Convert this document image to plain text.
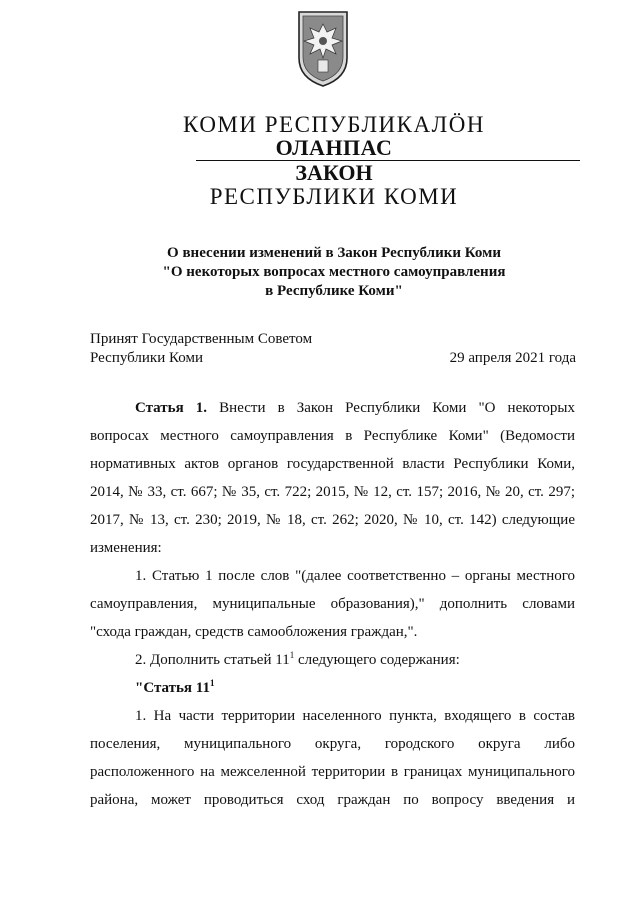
КОМИ РЕСПУБЛИКАЛӦН
ОЛАНПАС
ЗАКОН
РЕСПУБЛИКИ КОМИ
О внесении изменений в Закон Республики Коми
"О некоторых вопросах местного самоуправления
в Республике Коми"
Принят Государственным Советом
Республики Коми	29 апреля 2021 года
Статья 1. Внести в Закон Республики Коми "О некоторых
вопросах местного самоуправления в Республике Коми" (Ведомости
нормативных актов органов государственной власти Республики Коми,
2014, № 33, ст. 667; № 35, ст. 722; 2015, № 12, ст. 157; 2016, № 20, ст. 297;
2017, № 13, ст. 230; 2019, № 18, ст. 262; 2020, № 10, ст. 142) следующие
изменения:
1. Статью 1 после слов "(далее соответственно – органы местного
самоуправления, муниципальные образования)," дополнить словами
"схода граждан, средств самообложения граждан,".
2. Дополнить статьей $11^1$ следующего содержания:
"Статья $11^1$
1. На части территории населенного пункта, входящего в состав
поселения, муниципального округа, городского округа либо
расположенного на межселенной территории в границах муниципального
района, может проводиться сход граждан по вопросу введения и
